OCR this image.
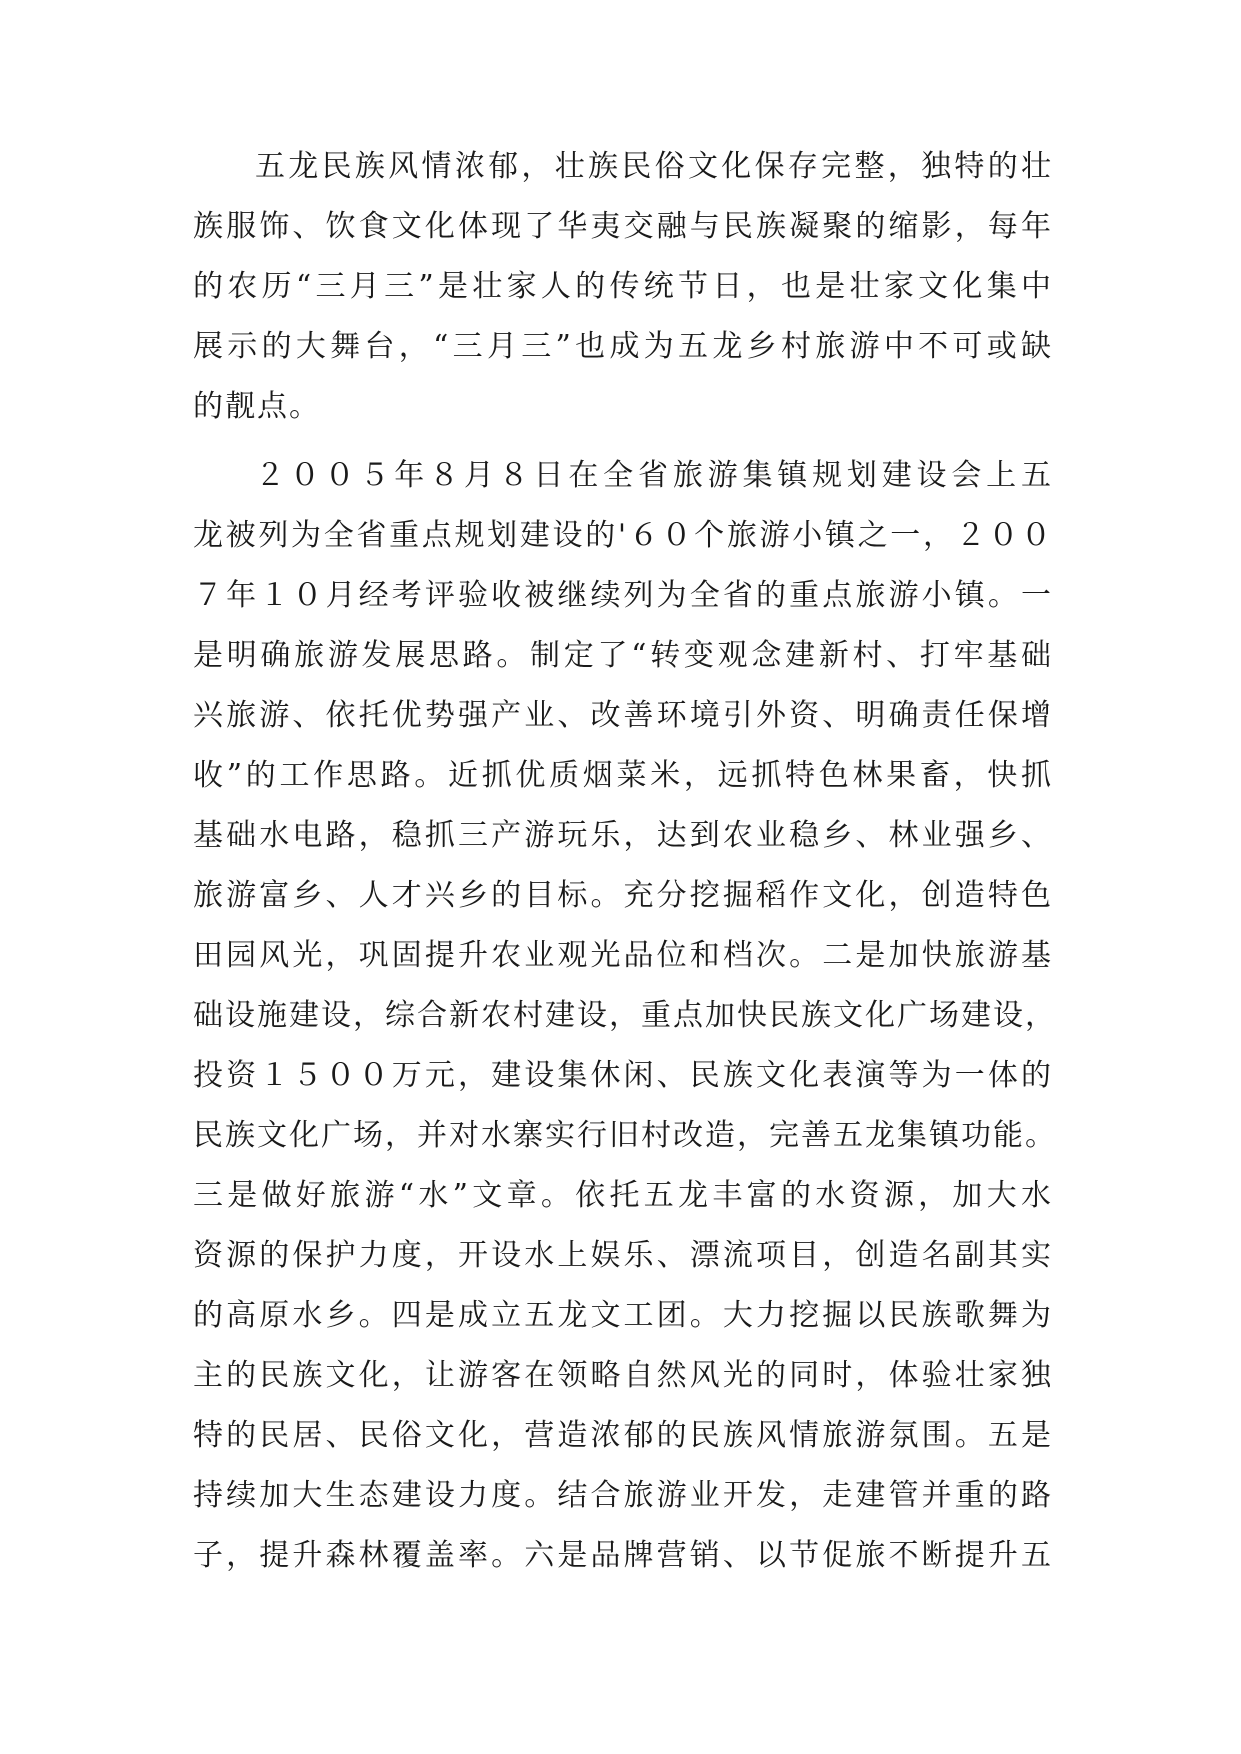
五龙民族风情浓郁，壮族民俗文化保存完整，独特的壮
族服饰、饮食文化体现了华夷交融与民族凝聚的缩影，每年
的农历“三月三”是壮家人的传统节日，也是壮家文化集中
展示的大舞台，“三月三”也成为五龙乡村旅游中不可或缺
的靓点。
２００５年８月８日在全省旅游集镇规划建设会上五
龙被列为全省重点规划建设的'６０个旅游小镇之一，２００
７年１０月经考评验收被继续列为全省的重点旅游小镇。一
是明确旅游发展思路。制定了“转变观念建新村、打牢基础
兴旅游、依托优势强产业、改善环境引外资、明确责任保增
收”的工作思路。近抓优质烟菜米，远抓特色林果畜，快抓
基础水电路，稳抓三产游玩乐，达到农业稳乡、林业强乡、
旅游富乡、人才兴乡的目标。充分挖掘稻作文化，创造特色
田园风光，巩固提升农业观光品位和档次。二是加快旅游基
础设施建设，综合新农村建设，重点加快民族文化广场建设，
投资１５００万元，建设集休闲、民族文化表演等为一体的
民族文化广场，并对水寨实行旧村改造，完善五龙集镇功能。
三是做好旅游“水”文章。依托五龙丰富的水资源，加大水
资源的保护力度，开设水上娱乐、漂流项目，创造名副其实
的高原水乡。四是成立五龙文工团。大力挖掘以民族歌舞为
主的民族文化，让游客在领略自然风光的同时，体验壮家独
特的民居、民俗文化，营造浓郁的民族风情旅游氛围。五是
持续加大生态建设力度。结合旅游业开发，走建管并重的路
子，提升森林覆盖率。六是品牌营销、以节促旅不断提升五
